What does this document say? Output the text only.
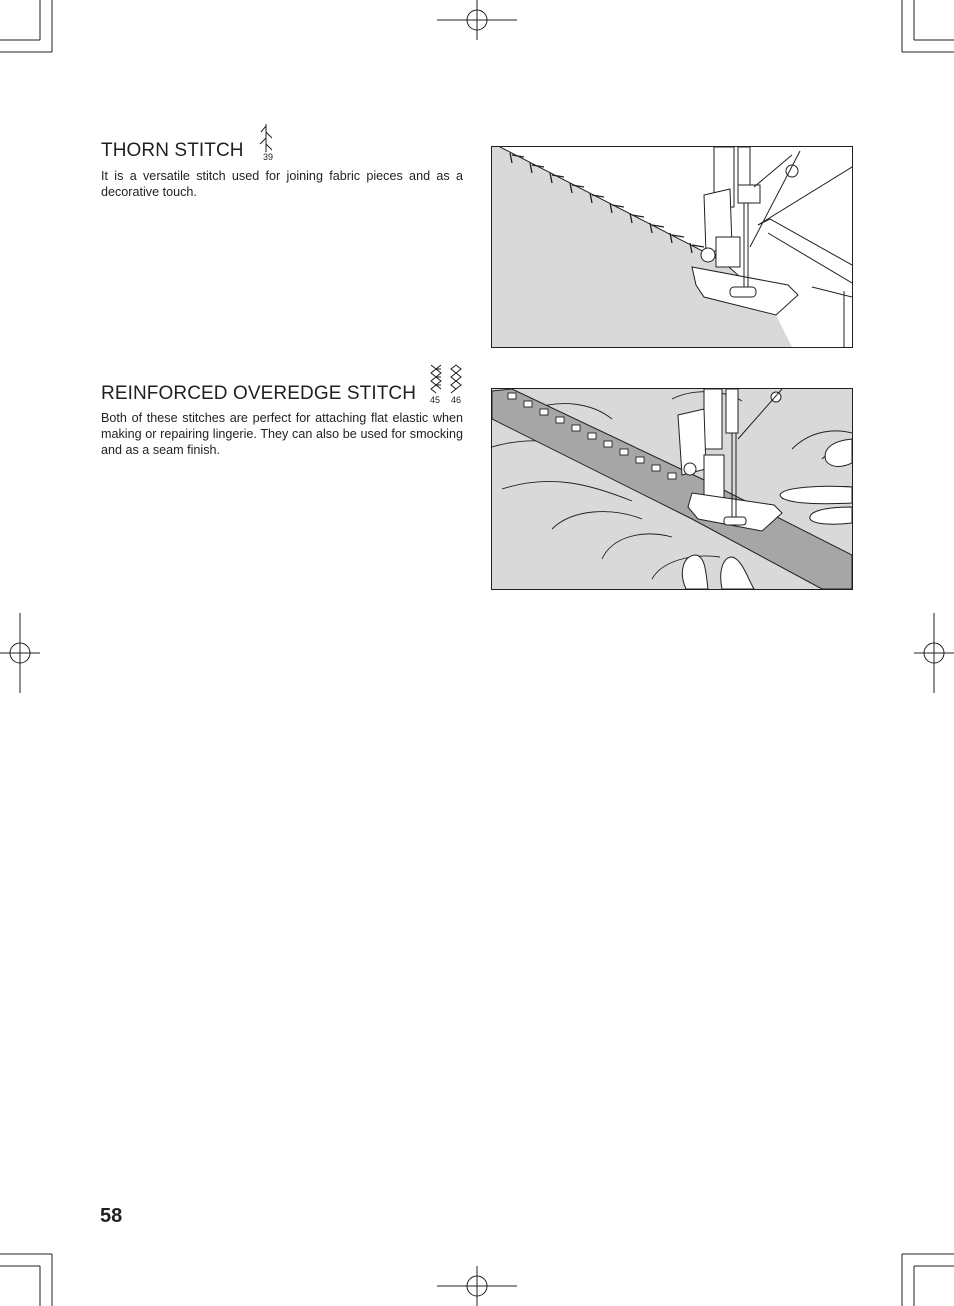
THORN STITCH 39

It is a versatile stitch used for joining fabric pieces and as a decorative touch.

REINFORCED OVEREDGE STITCH 45 46

Both of these stitches are perfect for attaching flat elastic when making or repairing lingerie. They can also be used for smocking and as a seam finish.

58
